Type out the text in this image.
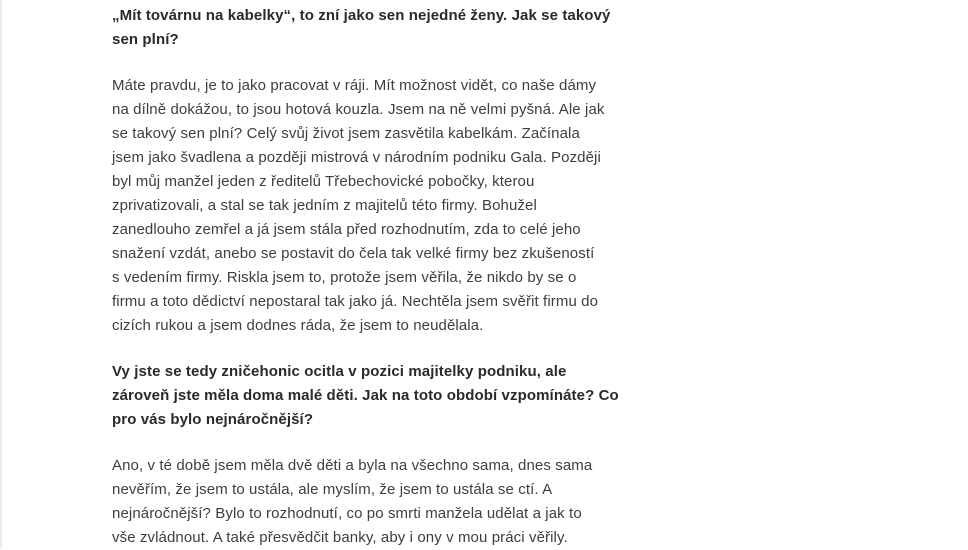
„Mít továrnu na kabelky“, to zní jako sen nejedné ženy. Jak se takový
sen plní?

Máte pravdu, je to jako pracovat v ráji. Mít možnost vidět, co naše dámy
na dílně dokážou, to jsou hotová kouzla. Jsem na ně velmi pyšná. Ale jak
se takový sen plní? Celý svůj život jsem zasvětila kabelkám. Začínala
jsem jako švadlena a později mistrová v národním podniku Gala. Později
byl můj manžel jeden z ředitelů Třebechovické pobočky, kterou
zprivatizovali, a stal se tak jedním z majitelů této firmy. Bohužel
zanedlouho zemřel a já jsem stála před rozhodnutím, zda to celé jeho
snažení vzdát, anebo se postavit do čela tak velké firmy bez zkušeností
s vedením firmy. Riskla jsem to, protože jsem věřila, že nikdo by se o
firmu a toto dědictví nepostaral tak jako já. Nechtěla jsem svěřit firmu do
cizích rukou a jsem dodnes ráda, že jsem to neudělala.

Vy jste se tedy zničehonic ocitla v pozici majitelky podniku, ale
zároveň jste měla doma malé děti. Jak na toto období vzpomínáte? Co
pro vás bylo nejnáročnější?

Ano, v té době jsem měla dvě děti a byla na všechno sama, dnes sama
nevěřím, že jsem to ustála, ale myslím, že jsem to ustála se ctí. A
nejnáročnější? Bylo to rozhodnutí, co po smrti manžela udělat a jak to
vše zvládnout. A také přesvědčit banky, aby i ony v mou práci věřily.
